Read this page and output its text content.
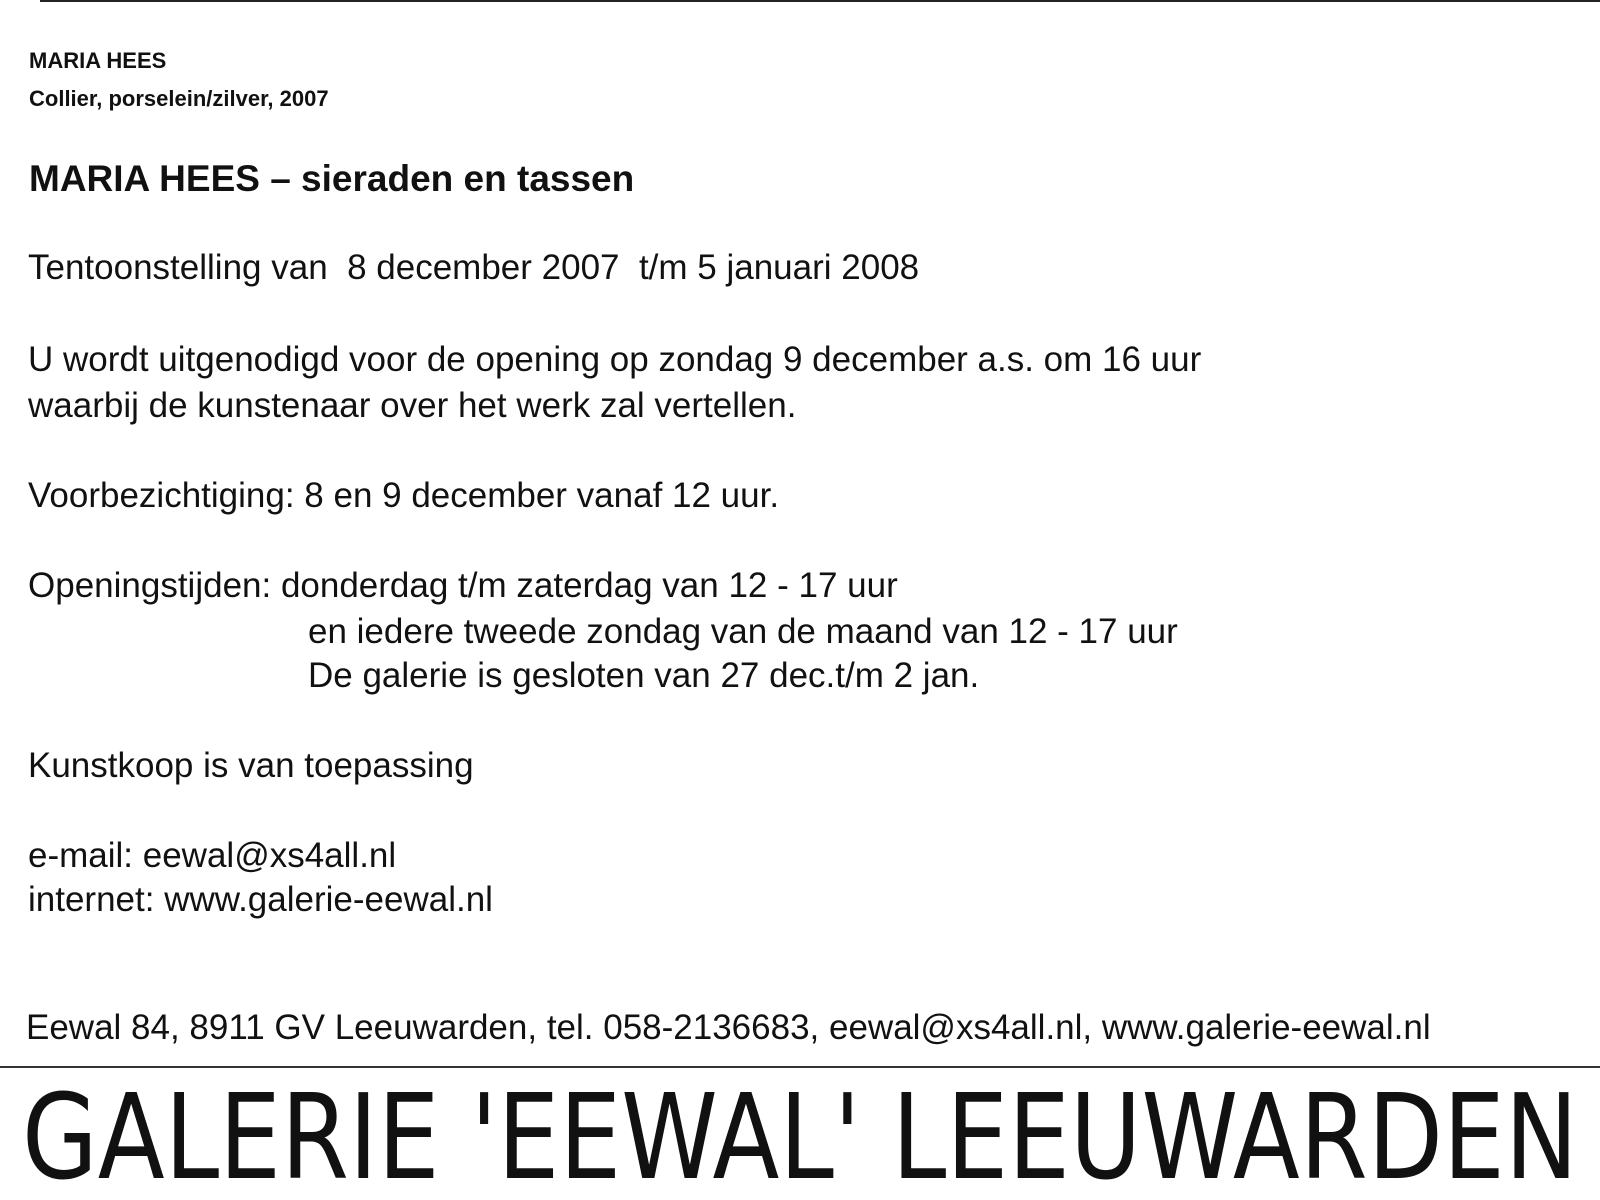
MARIA HEES
Collier, porselein/zilver, 2007
MARIA HEES – sieraden en tassen
Tentoonstelling van  8 december 2007  t/m 5 januari 2008
U wordt uitgenodigd voor de opening op zondag 9 december a.s. om 16 uur
waarbij de kunstenaar over het werk zal vertellen.
Voorbezichtiging: 8 en 9 december vanaf 12 uur.
Openingstijden: donderdag t/m zaterdag van 12 - 17 uur
en iedere tweede zondag van de maand van 12 - 17 uur
De galerie is gesloten van 27 dec.t/m 2 jan.
Kunstkoop is van toepassing
e-mail: eewal@xs4all.nl
internet: www.galerie-eewal.nl
Eewal 84, 8911 GV Leeuwarden, tel. 058-2136683, eewal@xs4all.nl, www.galerie-eewal.nl
GALERIE 'EEWAL' LEEUWARDEN
